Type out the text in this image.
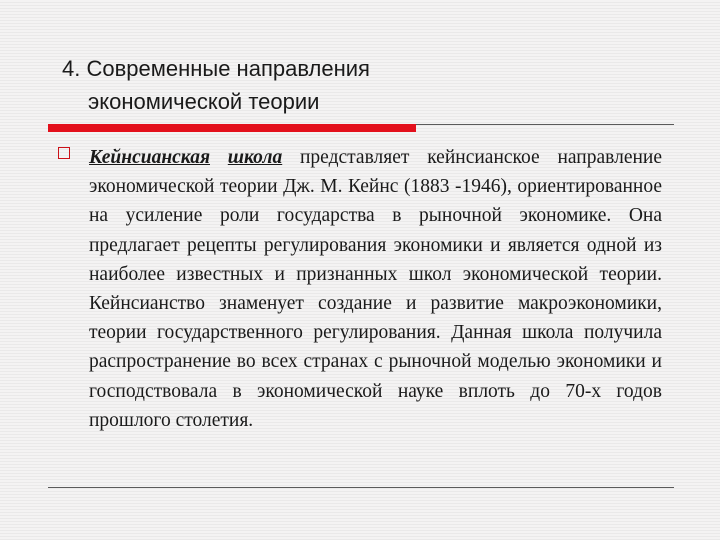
4. Современные направления
экономической теории

Кейнсианская школа представляет кейнсианское направление экономической теории Дж. М. Кейнс (1883 -1946), ориентированное на усиление роли государства в рыночной экономике. Она предлагает рецепты регулирования экономики и является одной из наиболее известных и признанных школ экономической теории. Кейнсианство знаменует создание и развитие макроэкономики, теории государственного регулирования. Данная школа получила распространение во всех странах с рыночной моделью экономики и господствовала в экономической науке вплоть до 70-х годов прошлого столетия.
